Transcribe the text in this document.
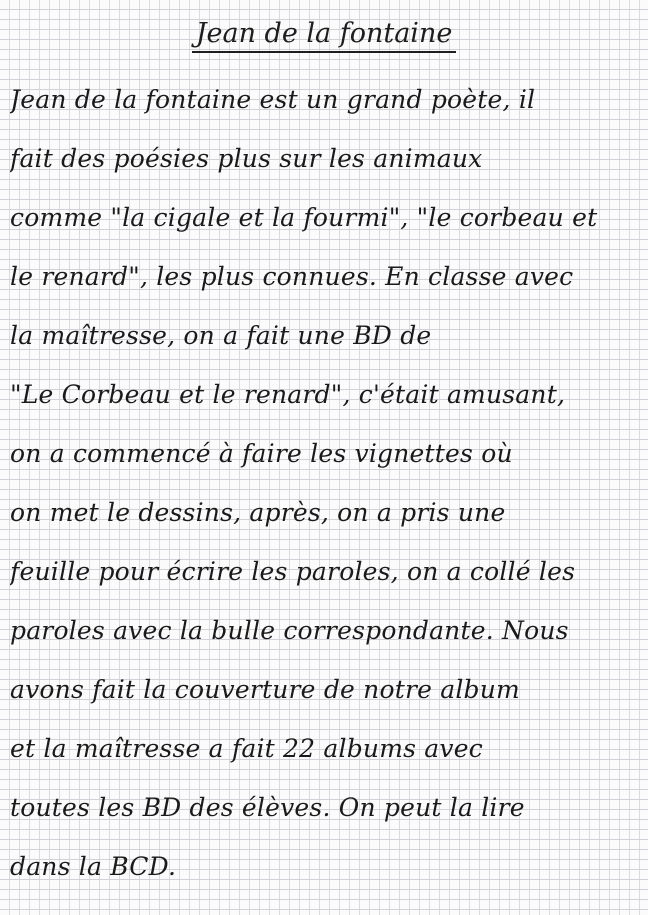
Jean de la fontaine
Jean de la fontaine est un grand poète, il
fait des poésies plus sur les animaux
comme "la cigale et la fourmi", "le corbeau et
le renard", les plus connues. En classe avec
la maîtresse, on a fait une BD de
"Le Corbeau et le renard", c'était amusant,
on a commencé à faire les vignettes où
on met le dessins, après, on a pris une
feuille pour écrire les paroles, on a collé les
paroles avec la bulle correspondante. Nous
avons fait la couverture de notre album
et la maîtresse a fait 22 albums avec
toutes les BD des élèves. On peut la lire
dans la BCD.
